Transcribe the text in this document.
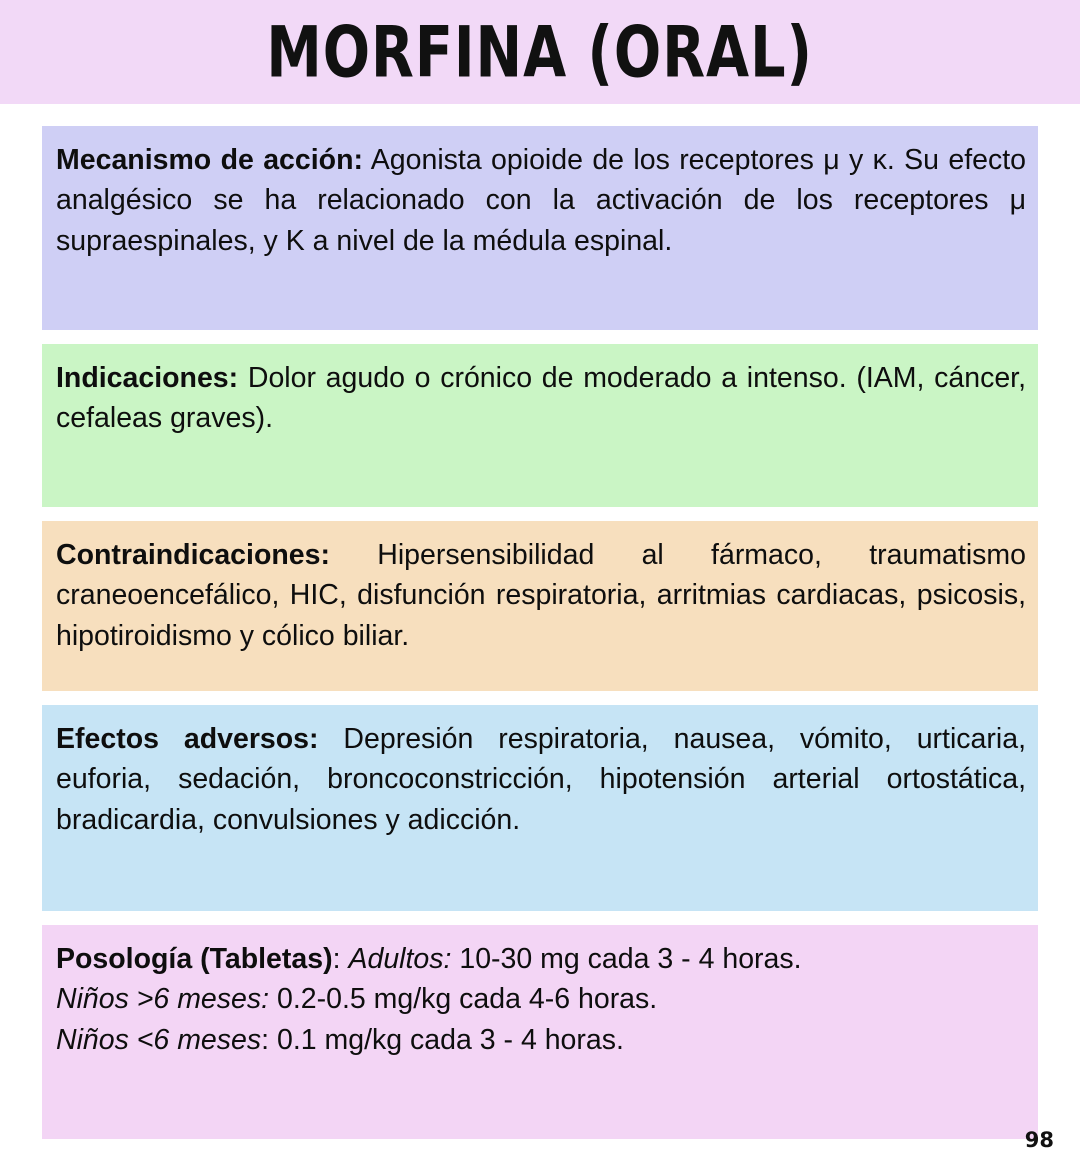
MORFINA (ORAL)

Mecanismo de acción: Agonista opioide de los receptores μ y κ. Su efecto analgésico se ha relacionado con la activación de los receptores μ supraespinales, y K a nivel de la médula espinal.

Indicaciones: Dolor agudo o crónico de moderado a intenso. (IAM, cáncer, cefaleas graves).

Contraindicaciones: Hipersensibilidad al fármaco, traumatismo craneoencefálico, HIC, disfunción respiratoria, arritmias cardiacas, psicosis, hipotiroidismo y cólico biliar.

Efectos adversos: Depresión respiratoria, nausea, vómito, urticaria, euforia, sedación, broncoconstricción, hipotensión arterial ortostática, bradicardia, convulsiones y adicción.

Posología (Tabletas): Adultos: 10-30 mg cada 3 - 4 horas.

Niños >6 meses: 0.2-0.5 mg/kg cada 4-6 horas.

Niños <6 meses: 0.1 mg/kg cada 3 - 4 horas.

98
